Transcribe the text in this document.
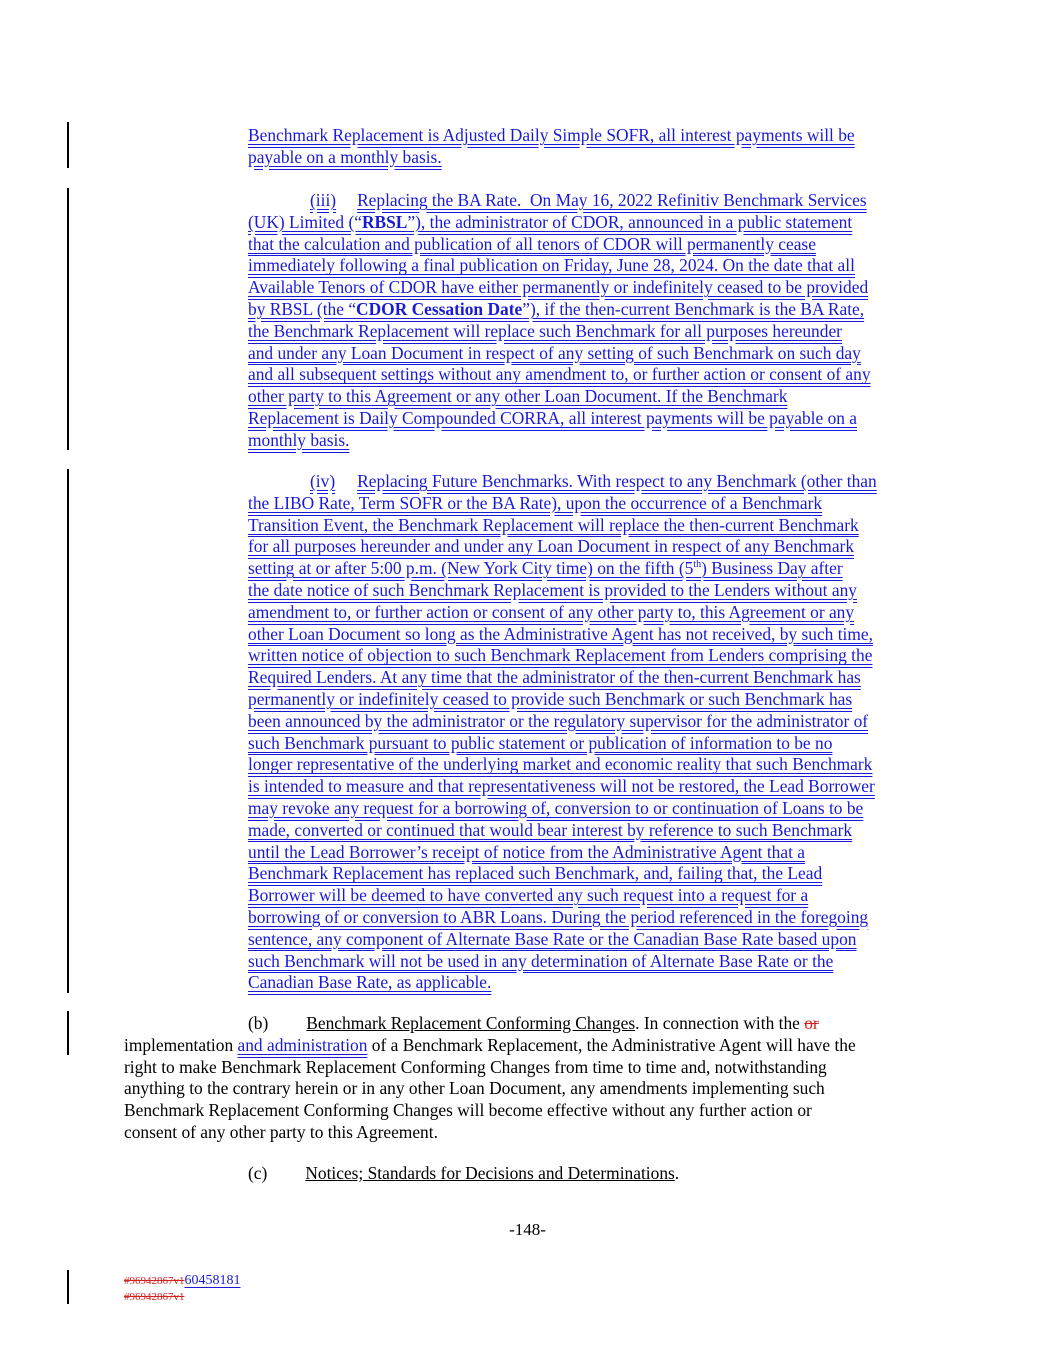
Benchmark Replacement is Adjusted Daily Simple SOFR, all interest payments will be
payable on a monthly basis.
(iii) Replacing the BA Rate. On May 16, 2022 Refinitiv Benchmark Services
(UK) Limited (“RBSL”), the administrator of CDOR, announced in a public statement
that the calculation and publication of all tenors of CDOR will permanently cease
immediately following a final publication on Friday, June 28, 2024. On the date that all
Available Tenors of CDOR have either permanently or indefinitely ceased to be provided
by RBSL (the “CDOR Cessation Date”), if the then-current Benchmark is the BA Rate,
the Benchmark Replacement will replace such Benchmark for all purposes hereunder
and under any Loan Document in respect of any setting of such Benchmark on such day
and all subsequent settings without any amendment to, or further action or consent of any
other party to this Agreement or any other Loan Document. If the Benchmark
Replacement is Daily Compounded CORRA, all interest payments will be payable on a
monthly basis.
(iv) Replacing Future Benchmarks. With respect to any Benchmark (other than
the LIBO Rate, Term SOFR or the BA Rate), upon the occurrence of a Benchmark
Transition Event, the Benchmark Replacement will replace the then-current Benchmark
for all purposes hereunder and under any Loan Document in respect of any Benchmark
setting at or after 5:00 p.m. (New York City time) on the fifth (5th) Business Day after
the date notice of such Benchmark Replacement is provided to the Lenders without any
amendment to, or further action or consent of any other party to, this Agreement or any
other Loan Document so long as the Administrative Agent has not received, by such time,
written notice of objection to such Benchmark Replacement from Lenders comprising the
Required Lenders. At any time that the administrator of the then-current Benchmark has
permanently or indefinitely ceased to provide such Benchmark or such Benchmark has
been announced by the administrator or the regulatory supervisor for the administrator of
such Benchmark pursuant to public statement or publication of information to be no
longer representative of the underlying market and economic reality that such Benchmark
is intended to measure and that representativeness will not be restored, the Lead Borrower
may revoke any request for a borrowing of, conversion to or continuation of Loans to be
made, converted or continued that would bear interest by reference to such Benchmark
until the Lead Borrower’s receipt of notice from the Administrative Agent that a
Benchmark Replacement has replaced such Benchmark, and, failing that, the Lead
Borrower will be deemed to have converted any such request into a request for a
borrowing of or conversion to ABR Loans. During the period referenced in the foregoing
sentence, any component of Alternate Base Rate or the Canadian Base Rate based upon
such Benchmark will not be used in any determination of Alternate Base Rate or the
Canadian Base Rate, as applicable.
(b) Benchmark Replacement Conforming Changes. In connection with the or
implementation and administration of a Benchmark Replacement, the Administrative Agent will have the
right to make Benchmark Replacement Conforming Changes from time to time and, notwithstanding
anything to the contrary herein or in any other Loan Document, any amendments implementing such
Benchmark Replacement Conforming Changes will become effective without any further action or
consent of any other party to this Agreement.
(c) Notices; Standards for Decisions and Determinations.
-148-
#96942867v160458181
#96942867v1
